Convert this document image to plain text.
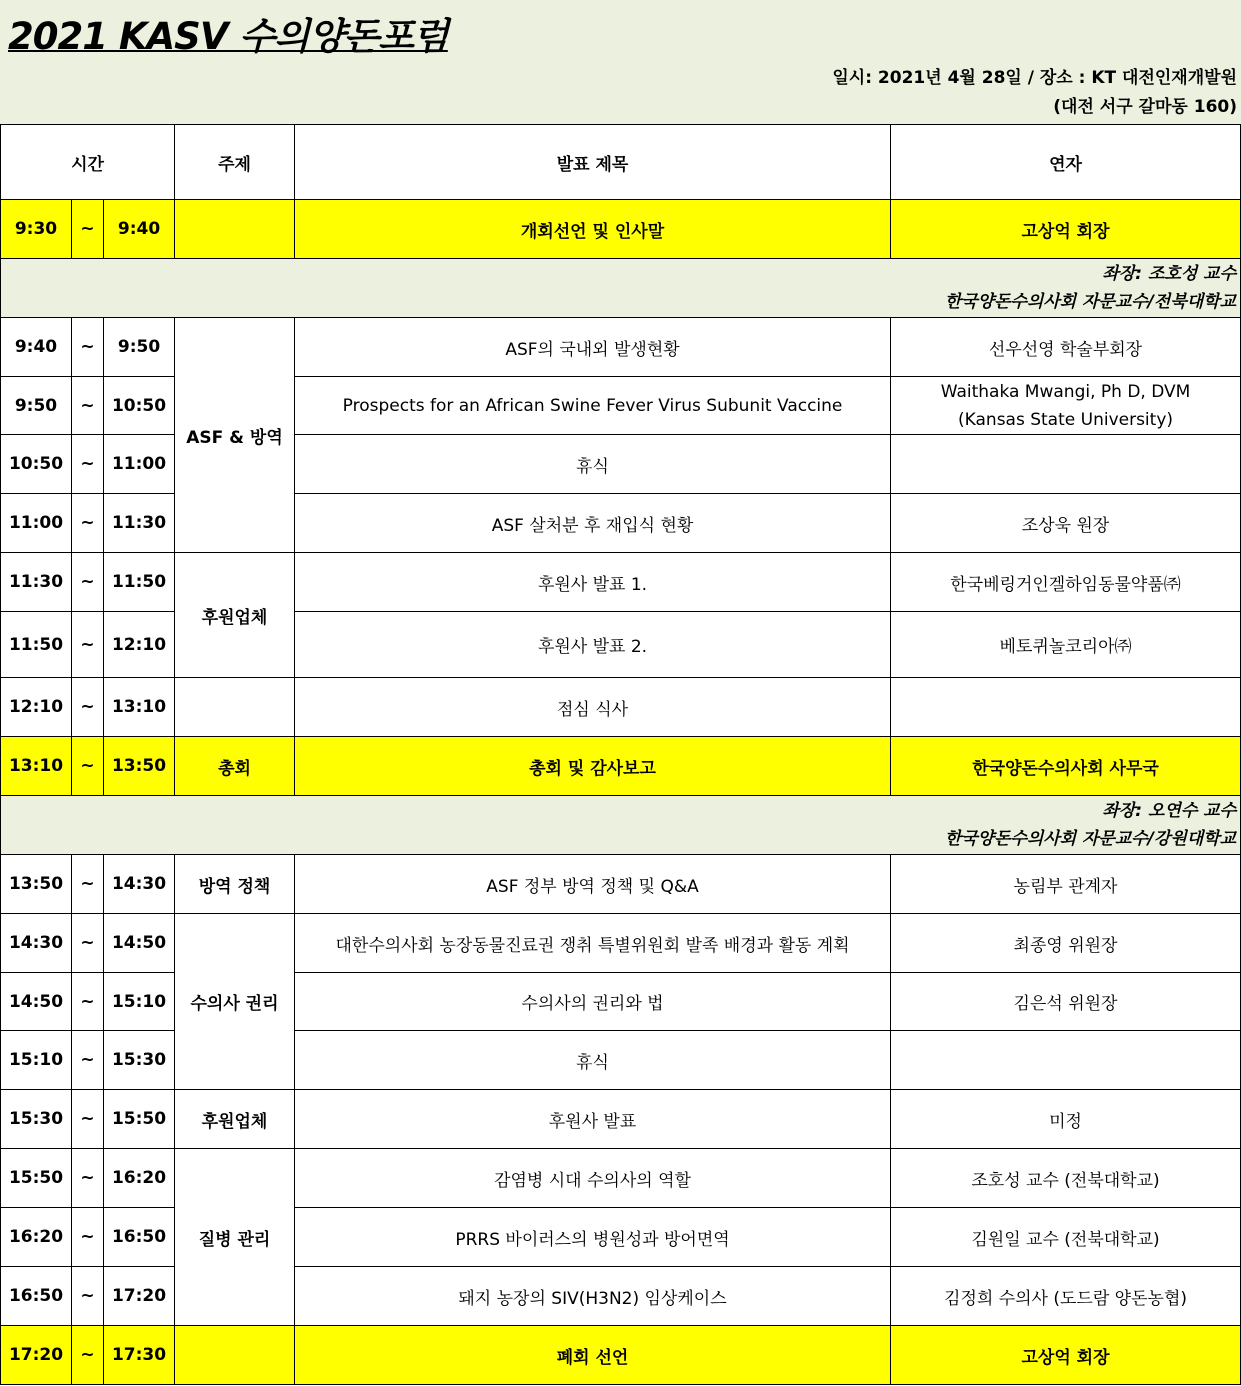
2021 KASV 수의양돈포럼
일시: 2021년 4월 28일 / 장소 : KT 대전인재개발원
(대전 서구 갈마동 160)
시간			주제	발표 제목	연자
9:30	~	9:40		개회선언 및 인사말	고상억 회장

좌장: 조호성 교수
한국양돈수의사회 자문교수/전북대학교					

9:40	~	9:50	ASF & 방역	ASF의 국내외 발생현황	선우선영 학술부회장
9:50	~	10:50		Prospects for an African Swine Fever Virus Subunit Vaccine	Waithaka Mwangi, Ph D, DVM
(Kansas State University)

10:50	~	11:00		휴식	
11:00	~	11:30		ASF 살처분 후 재입식 현황	조상욱 원장
11:30	~	11:50	후원업체	후원사 발표 1.	한국베링거인겔하임동물약품㈜
11:50	~	12:10		후원사 발표 2.	베토퀴놀코리아㈜
12:10	~	13:10		점심 식사	
13:10	~	13:50	총회	총회 및 감사보고	한국양돈수의사회 사무국

좌장: 오연수 교수
한국양돈수의사회 자문교수/강원대학교					

13:50	~	14:30	방역 정책	ASF 정부 방역 정책 및 Q&A	농림부 관계자
14:30	~	14:50	수의사 권리	대한수의사회 농장동물진료권 쟁취 특별위원회 발족 배경과 활동 계획	최종영 위원장
14:50	~	15:10		수의사의 권리와 법	김은석 위원장
15:10	~	15:30		휴식	
15:30	~	15:50	후원업체	후원사 발표	미정
15:50	~	16:20	질병 관리	감염병 시대 수의사의 역할	조호성 교수 (전북대학교)
16:20	~	16:50		PRRS 바이러스의 병원성과 방어면역	김원일 교수 (전북대학교)
16:50	~	17:20		돼지 농장의 SIV(H3N2) 임상케이스	김정희 수의사 (도드람 양돈농협)
17:20	~	17:30		폐회 선언	고상억 회장
